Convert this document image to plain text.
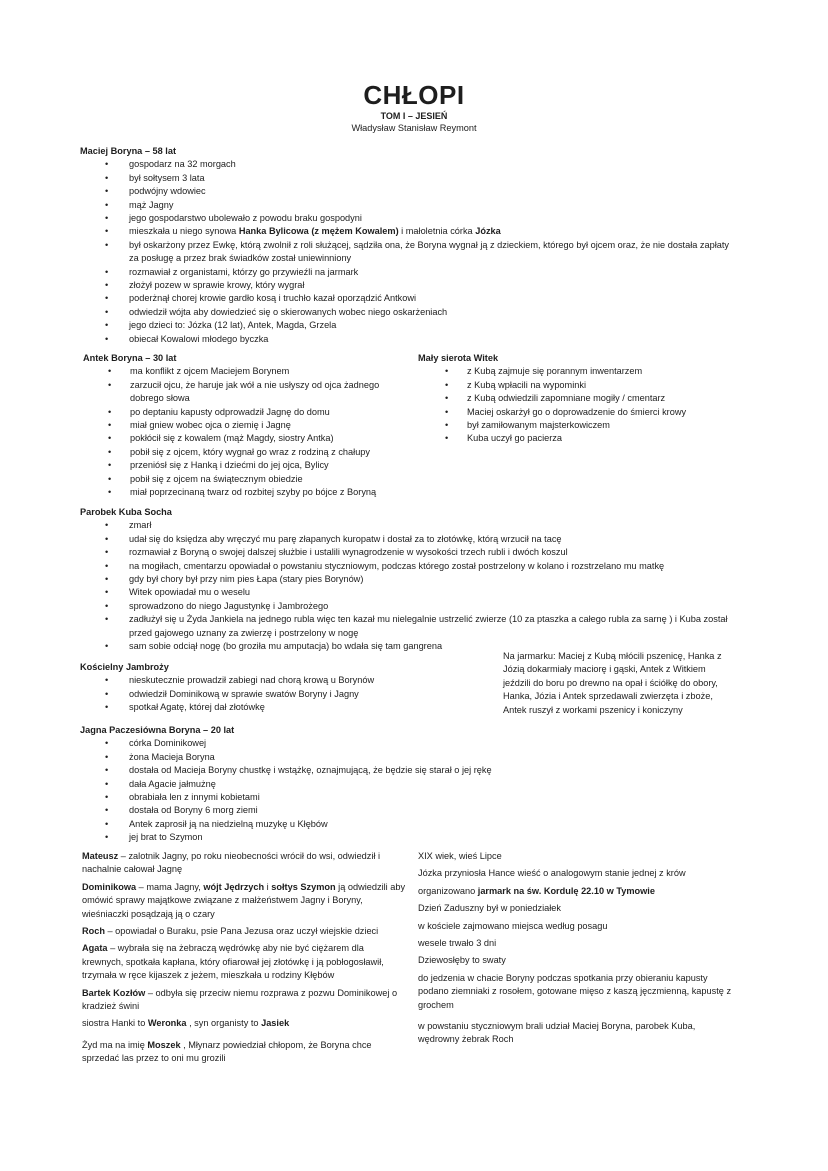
CHŁOPI
TOM I – JESIEŃ
Władysław Stanisław Reymont
Maciej Boryna – 58 lat
• gospodarz na 32 morgach
• był sołtysem 3 lata
• podwójny wdowiec
• mąż Jagny
• jego gospodarstwo ubolewało z powodu braku gospodyni
• mieszkała u niego synowa Hanka Bylicowa (z mężem Kowalem) i małoletnia córka Józka
• był oskarżony przez Ewkę, którą zwolnił z roli służącej, sądziła ona, że Boryna wygnał ją z dzieckiem, którego był ojcem oraz, że nie dostała zapłaty za posługę a przez brak świadków został uniewinniony
• rozmawiał z organistami, którzy go przywieźli na jarmark
• złożył pozew w sprawie krowy, który wygrał
• poderżnął chorej krowie gardło kosą i truchło kazał oporządzić Antkowi
• odwiedził wójta aby dowiedzieć się o skierowanych wobec niego oskarżeniach
• jego dzieci to: Józka (12 lat), Antek, Magda, Grzela
• obiecał Kowalowi młodego byczka
Antek Boryna – 30 lat
• ma konflikt z ojcem Maciejem Borynem
• zarzucił ojcu, że haruje jak wół a nie usłyszy od ojca żadnego dobrego słowa
• po deptaniu kapusty odprowadził Jagnę do domu
• miał gniew wobec ojca o ziemię i Jagnę
• pokłócił się z kowalem (mąż Magdy, siostry Antka)
• pobił się z ojcem, który wygnał go wraz z rodziną z chałupy
• przeniósł się z Hanką i dziećmi do jej ojca, Bylicy
• pobił się z ojcem na świątecznym obiedzie
• miał poprzecinaną twarz od rozbitej szyby po bójce z Boryną
Mały sierota Witek
• z Kubą zajmuje się porannym inwentarzem
• z Kubą wpłacili na wypominki
• z Kubą odwiedzili zapomniane mogiły / cmentarz
• Maciej oskarżył go o doprowadzenie do śmierci krowy
• był zamiłowanym majsterkowiczem
• Kuba uczył go pacierza
Parobek Kuba Socha
• zmarł
• udał się do księdza aby wręczyć mu parę złapanych kuropatw i dostał za to złotówkę, którą wrzucił na tacę
• rozmawiał z Boryną o swojej dalszej służbie i ustalili wynagrodzenie w wysokości trzech rubli i dwóch koszul
• na mogiłach, cmentarzu opowiadał o powstaniu styczniowym, podczas którego został postrzelony w kolano i rozstrzelano mu matkę
• gdy był chory był przy nim pies Łapa (stary pies Borynów)
• Witek opowiadał mu o weselu
• sprowadzono do niego Jagustynkę i Jambrożego
• zadłużył się u Żyda Jankiela na jednego rubla więc ten kazał mu nielegalnie ustrzelić zwierze (10 za ptaszka a całego rubla za sarnę ) i Kuba został przed gajowego uznany za zwierzę i postrzelony w nogę
• sam sobie odciął nogę (bo groziła mu amputacja) bo wdała się tam gangrena

Na jarmarku: Maciej z Kubą młócili pszenicę, Hanka z Józią dokarmiały maciorę i gąski, Antek z Witkiem jeździli do boru po drewno na opał i ściółkę do obory, Hanka, Józia i Antek sprzedawali zwierzęta i zboże, Antek ruszył z workami pszenicy i koniczyny

Kościelny Jambroży
• nieskutecznie prowadził zabiegi nad chorą krową u Borynów
• odwiedził Dominikową w sprawie swatów Boryny i Jagny
• spotkał Agatę, której dał złotówkę
Jagna Paczesiówna Boryna – 20 lat
• córka Dominikowej
• żona Macieja Boryna
• dostała od Macieja Boryny chustkę i wstążkę, oznajmującą, że będzie się starał o jej rękę
• dała Agacie jałmużnę
• obrabiała len z innymi kobietami
• dostała od Boryny 6 morg ziemi
• Antek zaprosił ją na niedzielną muzykę u Kłębów
• jej brat to Szymon

Mateusz – zalotnik Jagny, po roku nieobecności wrócił do wsi, odwiedził i nachalnie całował Jagnę

Dominikowa – mama Jagny, wójt Jędrzych i sołtys Szymon ją odwiedzili aby omówić sprawy majątkowe związane z małżeństwem Jagny i Boryny, wieśniaczki posądzają ją o czary

Roch – opowiadał o Buraku, psie Pana Jezusa oraz uczył wiejskie dzieci

Agata – wybrała się na żebraczą wędrówkę aby nie być ciężarem dla krewnych, spotkała kapłana, który ofiarował jej złotówkę i ją pobłogosławił, trzymała w ręce kijaszek z jeżem, mieszkała u rodziny Kłębów

Bartek Kozłów – odbyła się przeciw niemu rozprawa z pozwu Dominikowej o kradzież świni

siostra Hanki to Weronka , syn organisty to Jasiek

Żyd ma na imię Moszek , Młynarz powiedział chłopom, że Boryna chce sprzedać las przez to oni mu grozili

XIX wiek, wieś Lipce

Józka przyniosła Hance wieść o analogowym stanie jednej z krów

organizowano jarmark na św. Kordulę 22.10 w Tymowie

Dzień Zaduszny był w poniedziałek

w kościele zajmowano miejsca według posagu

wesele trwało 3 dni

Dziewosłęby to swaty

do jedzenia w chacie Boryny podczas spotkania przy obieraniu kapusty podano ziemniaki z rosołem, gotowane mięso z kaszą jęczmienną, kapustę z grochem

w powstaniu styczniowym brali udział Maciej Boryna, parobek Kuba, wędrowny żebrak Roch
